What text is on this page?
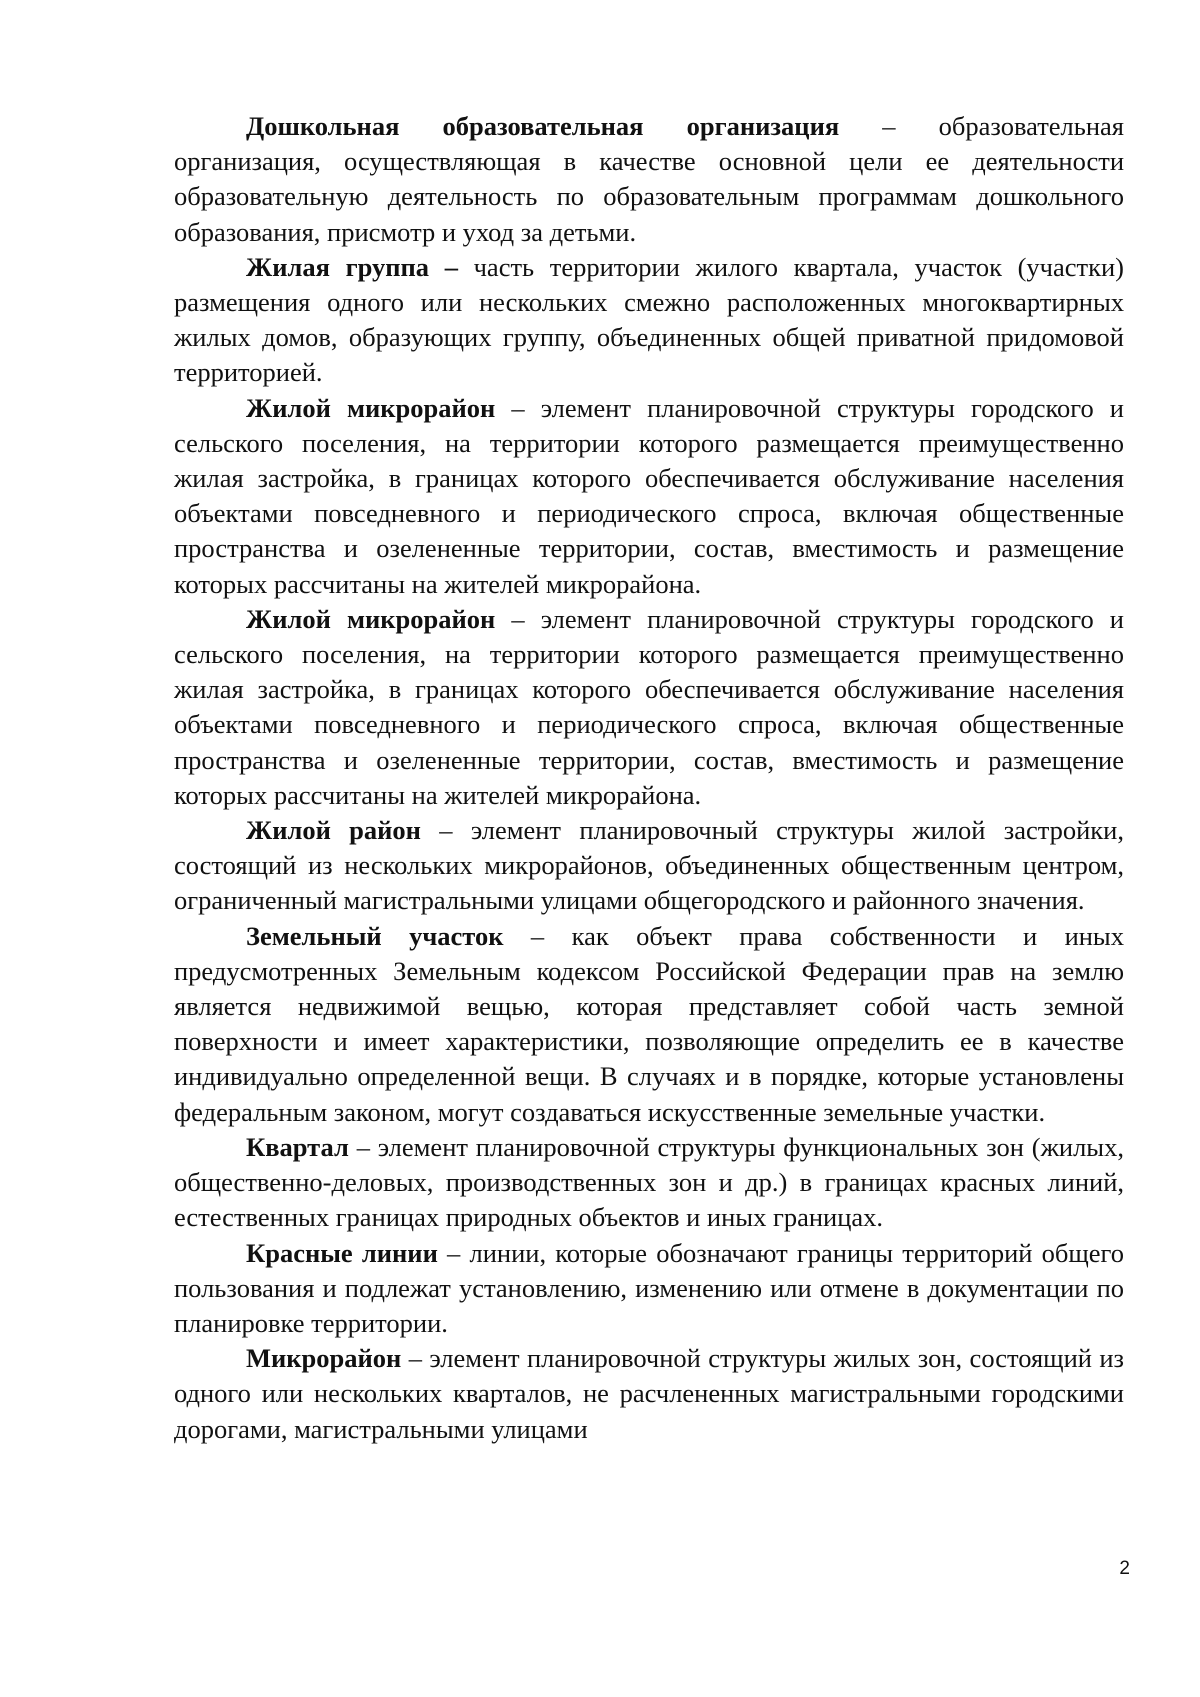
Дошкольная образовательная организация – образовательная организация, осуществляющая в качестве основной цели ее деятельности образовательную деятельность по образовательным программам дошкольного образования, присмотр и уход за детьми.

Жилая группа – часть территории жилого квартала, участок (участки) размещения одного или нескольких смежно расположенных многоквартирных жилых домов, образующих группу, объединенных общей приватной придомовой территорией.

Жилой микрорайон – элемент планировочной структуры городского и сельского поселения, на территории которого размещается преимущественно жилая застройка, в границах которого обеспечивается обслуживание населения объектами повседневного и периодического спроса, включая общественные пространства и озелененные территории, состав, вместимость и размещение которых рассчитаны на жителей микрорайона.

Жилой микрорайон – элемент планировочной структуры городского и сельского поселения, на территории которого размещается преимущественно жилая застройка, в границах которого обеспечивается обслуживание населения объектами повседневного и периодического спроса, включая общественные пространства и озелененные территории, состав, вместимость и размещение которых рассчитаны на жителей микрорайона.

Жилой район – элемент планировочный структуры жилой застройки, состоящий из нескольких микрорайонов, объединенных общественным центром, ограниченный магистральными улицами общегородского и районного значения.

Земельный участок – как объект права собственности и иных предусмотренных Земельным кодексом Российской Федерации прав на землю является недвижимой вещью, которая представляет собой часть земной поверхности и имеет характеристики, позволяющие определить ее в качестве индивидуально определенной вещи. В случаях и в порядке, которые установлены федеральным законом, могут создаваться искусственные земельные участки.

Квартал – элемент планировочной структуры функциональных зон (жилых, общественно-деловых, производственных зон и др.) в границах красных линий, естественных границах природных объектов и иных границах.

Красные линии – линии, которые обозначают границы территорий общего пользования и подлежат установлению, изменению или отмене в документации по планировке территории.

Микрорайон – элемент планировочной структуры жилых зон, состоящий из одного или нескольких кварталов, не расчлененных магистральными городскими дорогами, магистральными улицами

2
